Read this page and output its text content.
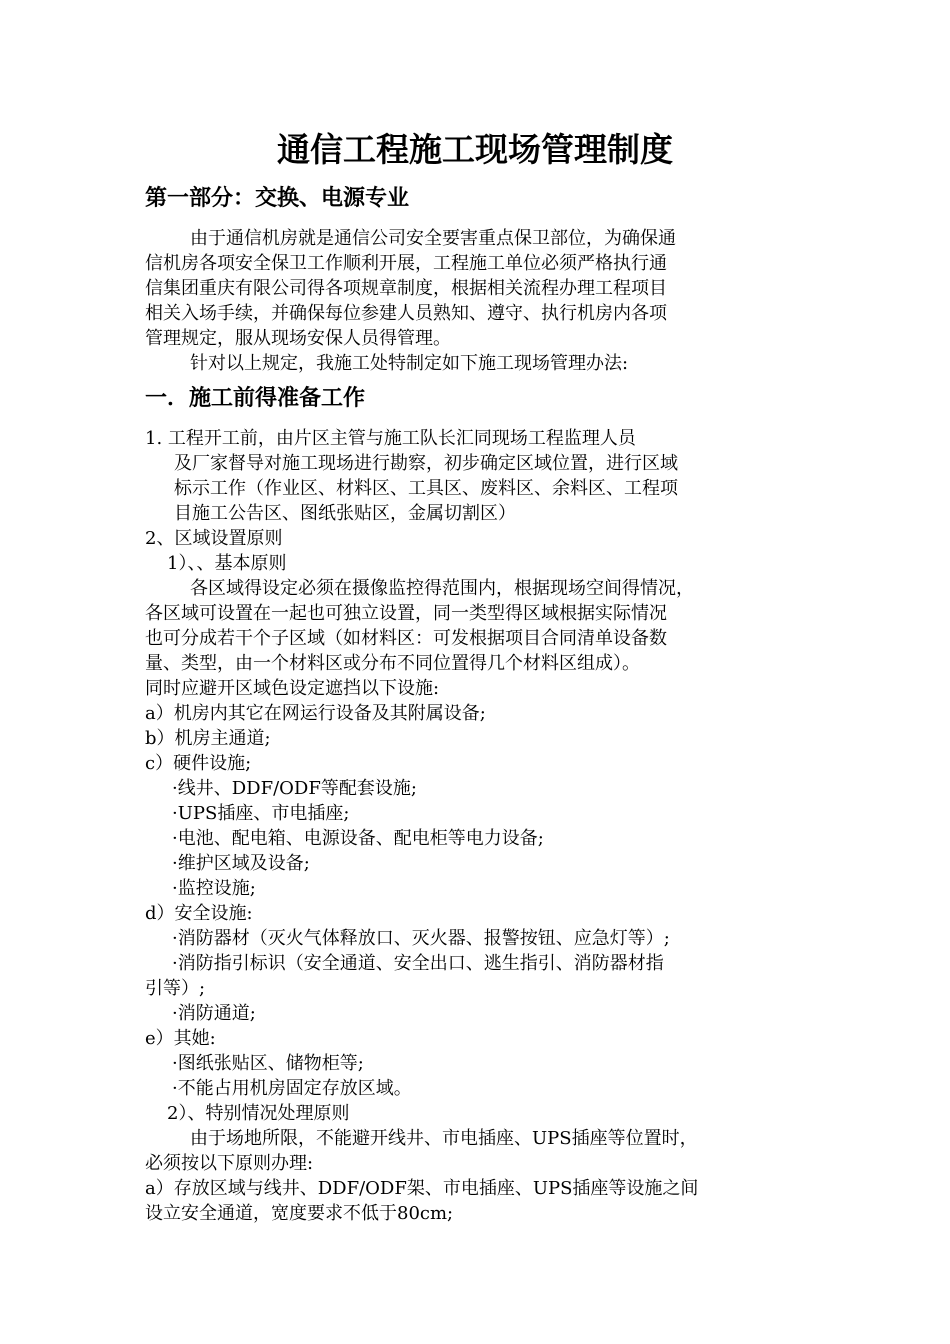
通信工程施工现场管理制度
第一部分：交换、电源专业
由于通信机房就是通信公司安全要害重点保卫部位，为确保通
信机房各项安全保卫工作顺利开展，工程施工单位必须严格执行通
信集团重庆有限公司得各项规章制度，根据相关流程办理工程项目
相关入场手续，并确保每位参建人员熟知、遵守、执行机房内各项
管理规定，服从现场安保人员得管理。
针对以上规定，我施工处特制定如下施工现场管理办法:
一．施工前得准备工作
1. 工程开工前，由片区主管与施工队长汇同现场工程监理人员
及厂家督导对施工现场进行勘察，初步确定区域位置，进行区域
标示工作（作业区、材料区、工具区、废料区、余料区、工程项
目施工公告区、图纸张贴区，金属切割区）
2、区域设置原则
1）、、基本原则
各区域得设定必须在摄像监控得范围内，根据现场空间得情况，
各区域可设置在一起也可独立设置，同一类型得区域根据实际情况
也可分成若干个子区域（如材料区：可发根据项目合同清单设备数
量、类型，由一个材料区或分布不同位置得几个材料区组成）。
同时应避开区域色设定遮挡以下设施:
a）机房内其它在网运行设备及其附属设备;
b）机房主通道;
c）硬件设施;
·线井、DDF/ODF等配套设施;
·UPS插座、市电插座;
·电池、配电箱、电源设备、配电柜等电力设备;
·维护区域及设备;
·监控设施;
d）安全设施:
·消防器材（灭火气体释放口、灭火器、报警按钮、应急灯等）;
·消防指引标识（安全通道、安全出口、逃生指引、消防器材指
引等）;
·消防通道;
e）其她:
·图纸张贴区、储物柜等;
·不能占用机房固定存放区域。
2）、特别情况处理原则
由于场地所限，不能避开线井、市电插座、UPS插座等位置时，
必须按以下原则办理:
a）存放区域与线井、DDF/ODF架、市电插座、UPS插座等设施之间
设立安全通道，宽度要求不低于80cm;
